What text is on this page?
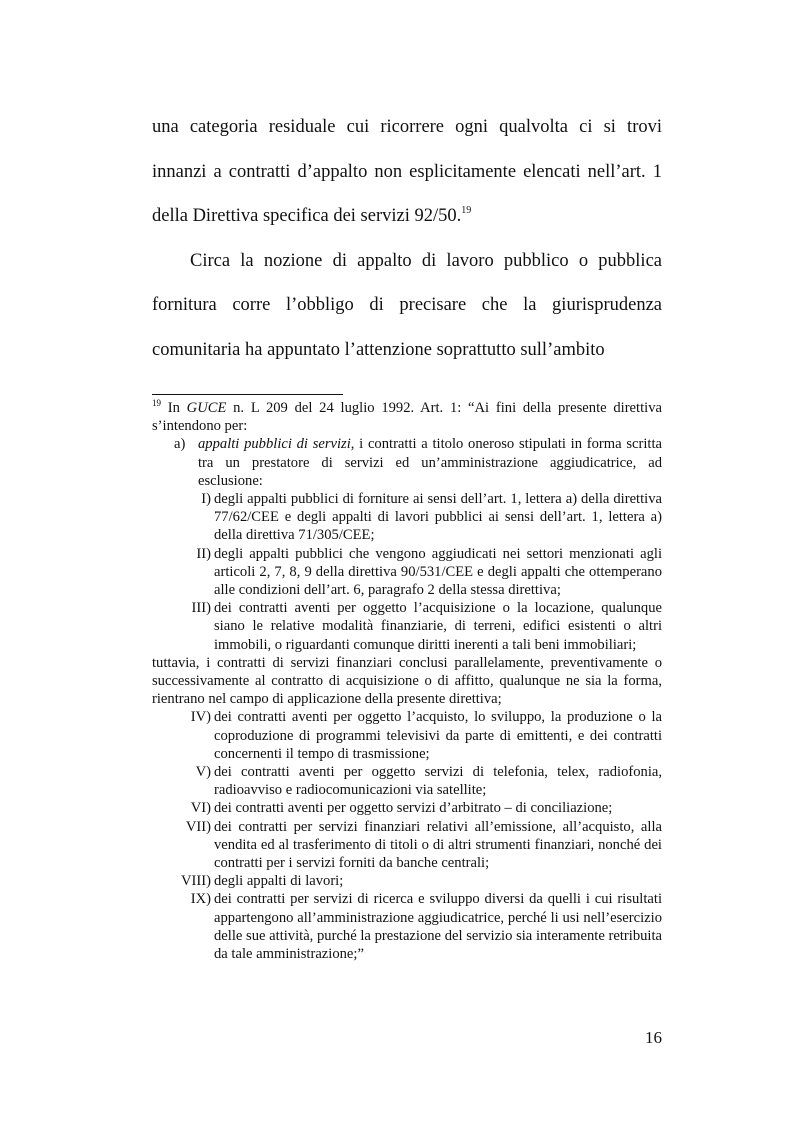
una categoria residuale cui ricorrere ogni qualvolta ci si trovi innanzi a contratti d’appalto non esplicitamente elencati nell’art. 1 della Direttiva specifica dei servizi 92/50.19

Circa la nozione di appalto di lavoro pubblico o pubblica fornitura corre l’obbligo di precisare che la giurisprudenza comunitaria ha appuntato l’attenzione soprattutto sull’ambito

$^{19}$ In GUCE n. L 209 del 24 luglio 1992. Art. 1: “Ai fini della presente direttiva s’intendono per:

a) appalti pubblici di servizi, i contratti a titolo oneroso stipulati in forma scritta tra un prestatore di servizi ed un’amministrazione aggiudicatrice, ad esclusione:
I) degli appalti pubblici di forniture ai sensi dell’art. 1, lettera a) della direttiva 77/62/CEE e degli appalti di lavori pubblici ai sensi dell’art. 1, lettera a) della direttiva 71/305/CEE;
II) degli appalti pubblici che vengono aggiudicati nei settori menzionati agli articoli 2, 7, 8, 9 della direttiva 90/531/CEE e degli appalti che ottemperano alle condizioni dell’art. 6, paragrafo 2 della stessa direttiva;
III) dei contratti aventi per oggetto l’acquisizione o la locazione, qualunque siano le relative modalità finanziarie, di terreni, edifici esistenti o altri immobili, o riguardanti comunque diritti inerenti a tali beni immobiliari;

tuttavia, i contratti di servizi finanziari conclusi parallelamente, preventivamente o successivamente al contratto di acquisizione o di affitto, qualunque ne sia la forma, rientrano nel campo di applicazione della presente direttiva;

IV) dei contratti aventi per oggetto l’acquisto, lo sviluppo, la produzione o la coproduzione di programmi televisivi da parte di emittenti, e dei contratti concernenti il tempo di trasmissione;
V) dei contratti aventi per oggetto servizi di telefonia, telex, radiofonia, radioavviso e radiocomunicazioni via satellite;
VI) dei contratti aventi per oggetto servizi d’arbitrato – di conciliazione;
VII) dei contratti per servizi finanziari relativi all’emissione, all’acquisto, alla vendita ed al trasferimento di titoli o di altri strumenti finanziari, nonché dei contratti per i servizi forniti da banche centrali;
VIII) degli appalti di lavori;
IX) dei contratti per servizi di ricerca e sviluppo diversi da quelli i cui risultati appartengono all’amministrazione aggiudicatrice, perché li usi nell’esercizio delle sue attività, purché la prestazione del servizio sia interamente retribuita da tale amministrazione;”
16
